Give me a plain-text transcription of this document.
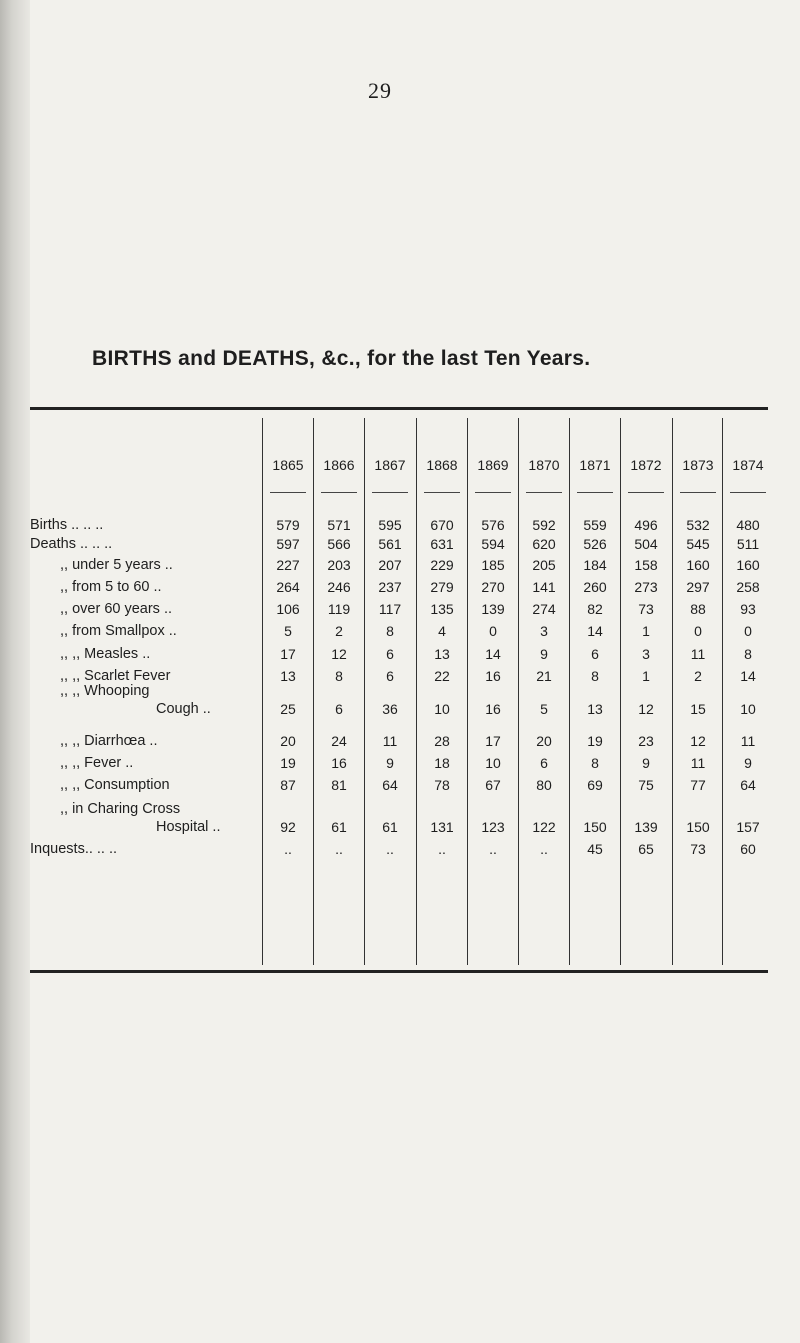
29
BIRTHS and DEATHS, &c., for the last Ten Years.
1865	1866	1867	1868	1869	1870	1871	1872	1873	1874
Births .. .. ..	579	571	595	670	576	592	559	496	532	480
Deaths .. .. ..	597	566	561	631	594	620	526	504	545	511
,, under 5 years ..	227	203	207	229	185	205	184	158	160	160
,, from 5 to 60 ..	264	246	237	279	270	141	260	273	297	258
,, over 60 years ..	106	119	117	135	139	274	82	73	88	93
,, from Smallpox ..	5	2	8	4	0	3	14	1	0	0
,, ,, Measles ..	17	12	6	13	14	9	6	3	11	8
,, ,, Scarlet Fever	13	8	6	22	16	21	8	1	2	14
,, ,, Whooping
Cough ..	25	6	36	10	16	5	13	12	15	10
,, ,, Diarrhœa ..	20	24	11	28	17	20	19	23	12	11
,, ,, Fever ..	19	16	9	18	10	6	8	9	11	9
,, ,, Consumption	87	81	64	78	67	80	69	75	77	64
,, in Charing Cross
Hospital ..	92	61	61	131	123	122	150	139	150	157
Inquests.. .. ..	..	..	..	..	..	..	45	65	73	60
